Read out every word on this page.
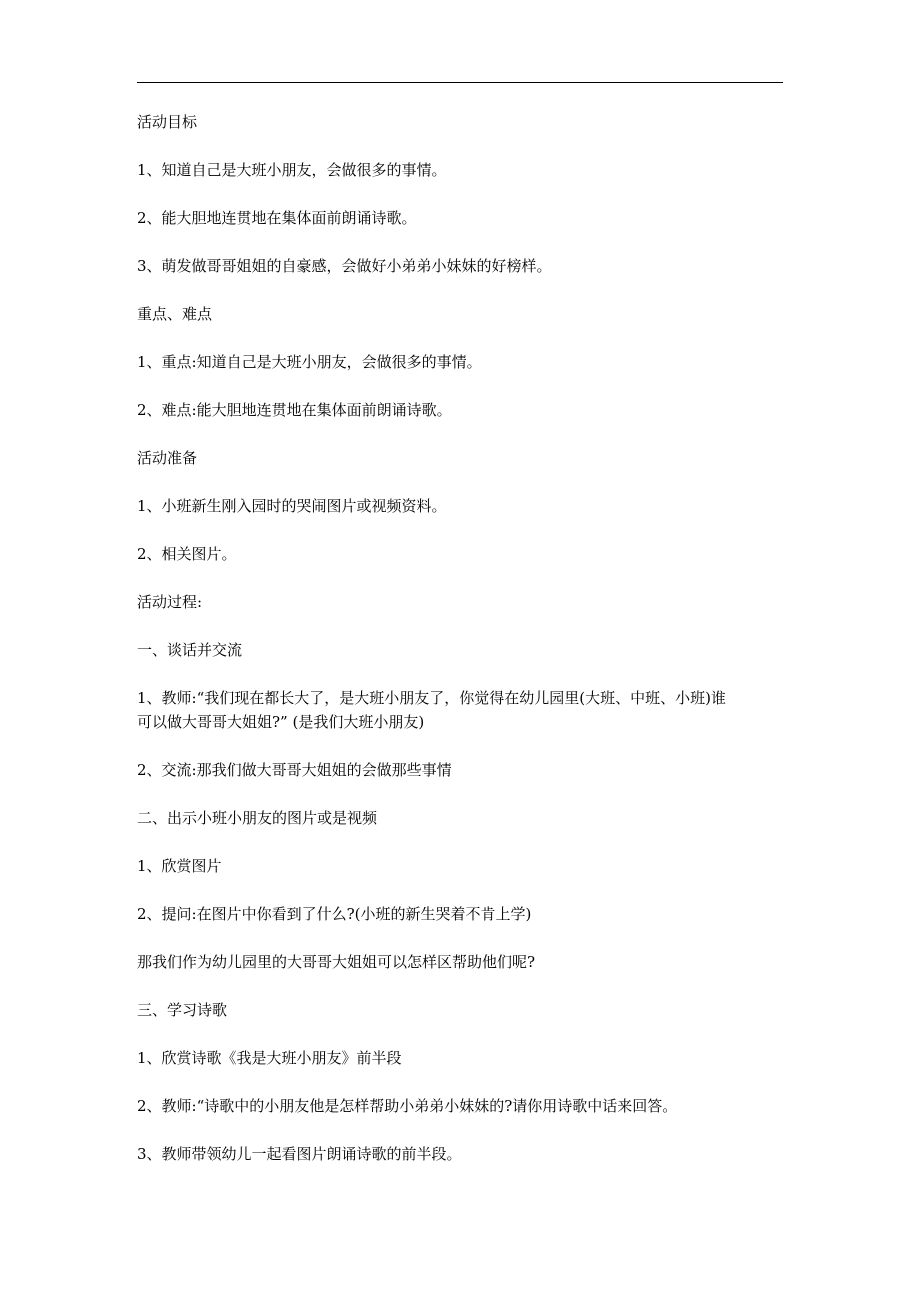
活动目标

1、知道自己是大班小朋友，会做很多的事情。

2、能大胆地连贯地在集体面前朗诵诗歌。

3、萌发做哥哥姐姐的自豪感，会做好小弟弟小妹妹的好榜样。

重点、难点

1、重点:知道自己是大班小朋友，会做很多的事情。

2、难点:能大胆地连贯地在集体面前朗诵诗歌。

活动准备

1、小班新生刚入园时的哭闹图片或视频资料。

2、相关图片。

活动过程:

一、谈话并交流

1、教师:“我们现在都长大了，是大班小朋友了，你觉得在幼儿园里(大班、中班、小班)谁
可以做大哥哥大姐姐?” (是我们大班小朋友)

2、交流:那我们做大哥哥大姐姐的会做那些事情

二、出示小班小朋友的图片或是视频

1、欣赏图片

2、提问:在图片中你看到了什么?(小班的新生哭着不肯上学)

那我们作为幼儿园里的大哥哥大姐姐可以怎样区帮助他们呢?

三、学习诗歌

1、欣赏诗歌《我是大班小朋友》前半段

2、教师:“诗歌中的小朋友他是怎样帮助小弟弟小妹妹的?请你用诗歌中话来回答。

3、教师带领幼儿一起看图片朗诵诗歌的前半段。
